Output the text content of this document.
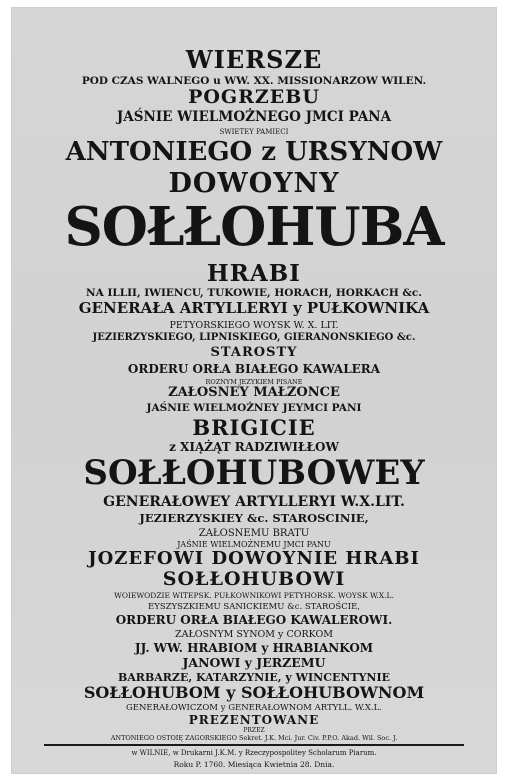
WIERSZE
POD CZAS WALNEGO u WW. XX. MISSIONARZOW WILEN.
POGRZEBU
JAŚNIE WIELMOŻNEGO JMCI PANA
SWIETEY PAMIECI
ANTONIEGO z URSYNOW
DOWOYNY
SOŁŁOHUBA
HRABI
NA ILLII, IWIENCU, TUKOWIE, HORACH, HORKACH &c.
GENERAŁA ARTYLLERYI y PUŁKOWNIKA
PETYORSKIEGO WOYSK W. X. LIT.
JEZIERZYSKIEGO, LIPNISKIEGO, GIERANONSKIEGO &c.
STAROSTY
ORDERU ORŁA BIAŁEGO KAWALERA
ROZNYM JEZYKIEM PISANE
ZAŁOSNEY MAŁZONCE
JAŚNIE WIELMOŻNEY JEYMCI PANI
BRIGICIE
z XIĄŻĄT RADZIWIŁŁOW
SOŁŁOHUBOWEY
GENERAŁOWEY ARTYLLERYI W.X.LIT.
JEZIERZYSKIEY &c. STAROSCINIE,
ZAŁOSNEMU BRATU
JAŚNIE WIELMOŻNEMU JMCI PANU
JOZEFOWI DOWOYNIE HRABI
SOŁŁOHUBOWI
WOIEWODZIE WITEPSK. PUŁKOWNIKOWI PETYHORSK. WOYSK W.X.L.
EYSZYSZKIEMU SANICKIEMU &c. STAROŚCIE,
ORDERU ORŁA BIAŁEGO KAWALEROWI.
ZAŁOSNYM SYNOM y CORKOM
JJ. WW. HRABIOM y HRABIANKOM
JANOWI y JERZEMU
BARBARZE, KATARZYNIE, y WINCENTYNIE
SOŁŁOHUBOM y SOŁŁOHUBOWNOM
GENERAŁOWICZOM y GENERAŁOWNOM ARTYLL. W.X.L.
PREZENTOWANE
PRZEZ
ANTONIEGO OSTOIĘ ZAGORSKIEGO Sekret. J.K. Mci. Jur. Civ. P.P.O. Akad. Wil. Soc. J.
w WILNIE, w Drukarni J.K.M. y Rzeczypospolitey Scholarum Piarum.
Roku P. 1760. Miesiąca Kwietnia 28. Dnia.
